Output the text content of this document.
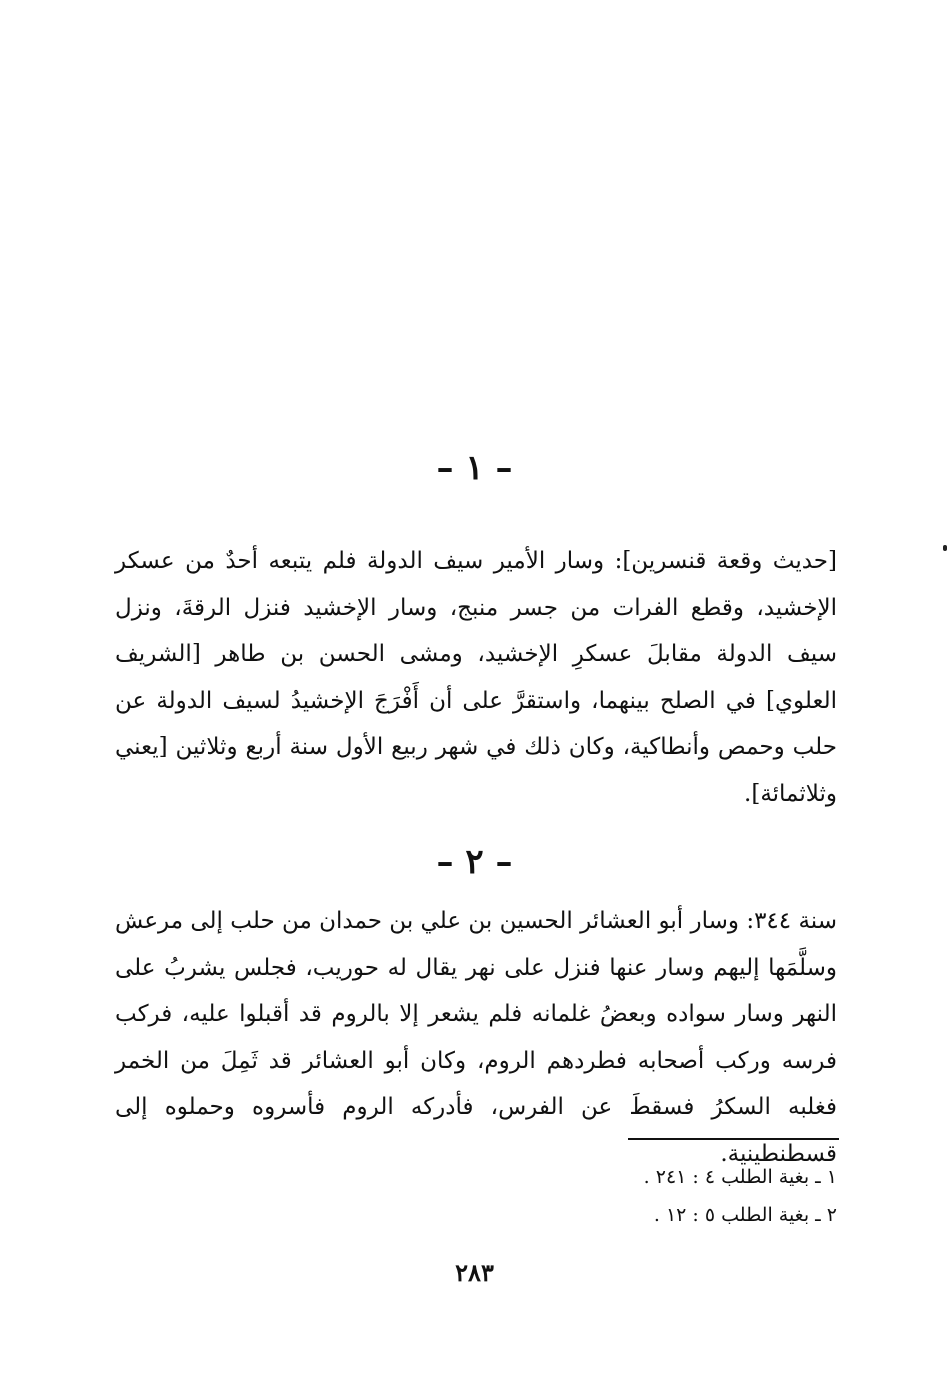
– ١ –
[حديث وقعة قنسرين]: وسار الأمير سيف الدولة فلم يتبعه أحدٌ من عسكر الإخشيد، وقطع الفرات من جسر منبج، وسار الإخشيد فنزل الرقةَ، ونزل سيف الدولة مقابلَ عسكرِ الإخشيد، ومشى الحسن بن طاهر [الشريف العلوي] في الصلح بينهما، واستقرَّ على أن أَفْرَجَ الإخشيدُ لسيف الدولة عن حلب وحمص وأنطاكية، وكان ذلك في شهر ربيع الأول سنة أربع وثلاثين [يعني وثلاثمائة].
– ٢ –
سنة ٣٤٤: وسار أبو العشائر الحسين بن علي بن حمدان من حلب إلى مرعش وسلَّمَها إليهم وسار عنها فنزل على نهر يقال له حوريب، فجلس يشربُ على النهر وسار سواده وبعضُ غلمانه فلم يشعر إلا بالروم قد أقبلوا عليه، فركب فرسه وركب أصحابه فطردهم الروم، وكان أبو العشائر قد ثَمِلَ من الخمر فغلبه السكرُ فسقطَ عن الفرس، فأدركه الروم فأسروه وحملوه إلى قسطنطينية.
١ ـ بغية الطلب ٤ : ٢٤١ .
٢ ـ بغية الطلب ٥ : ١٢ .
٢٨٣
